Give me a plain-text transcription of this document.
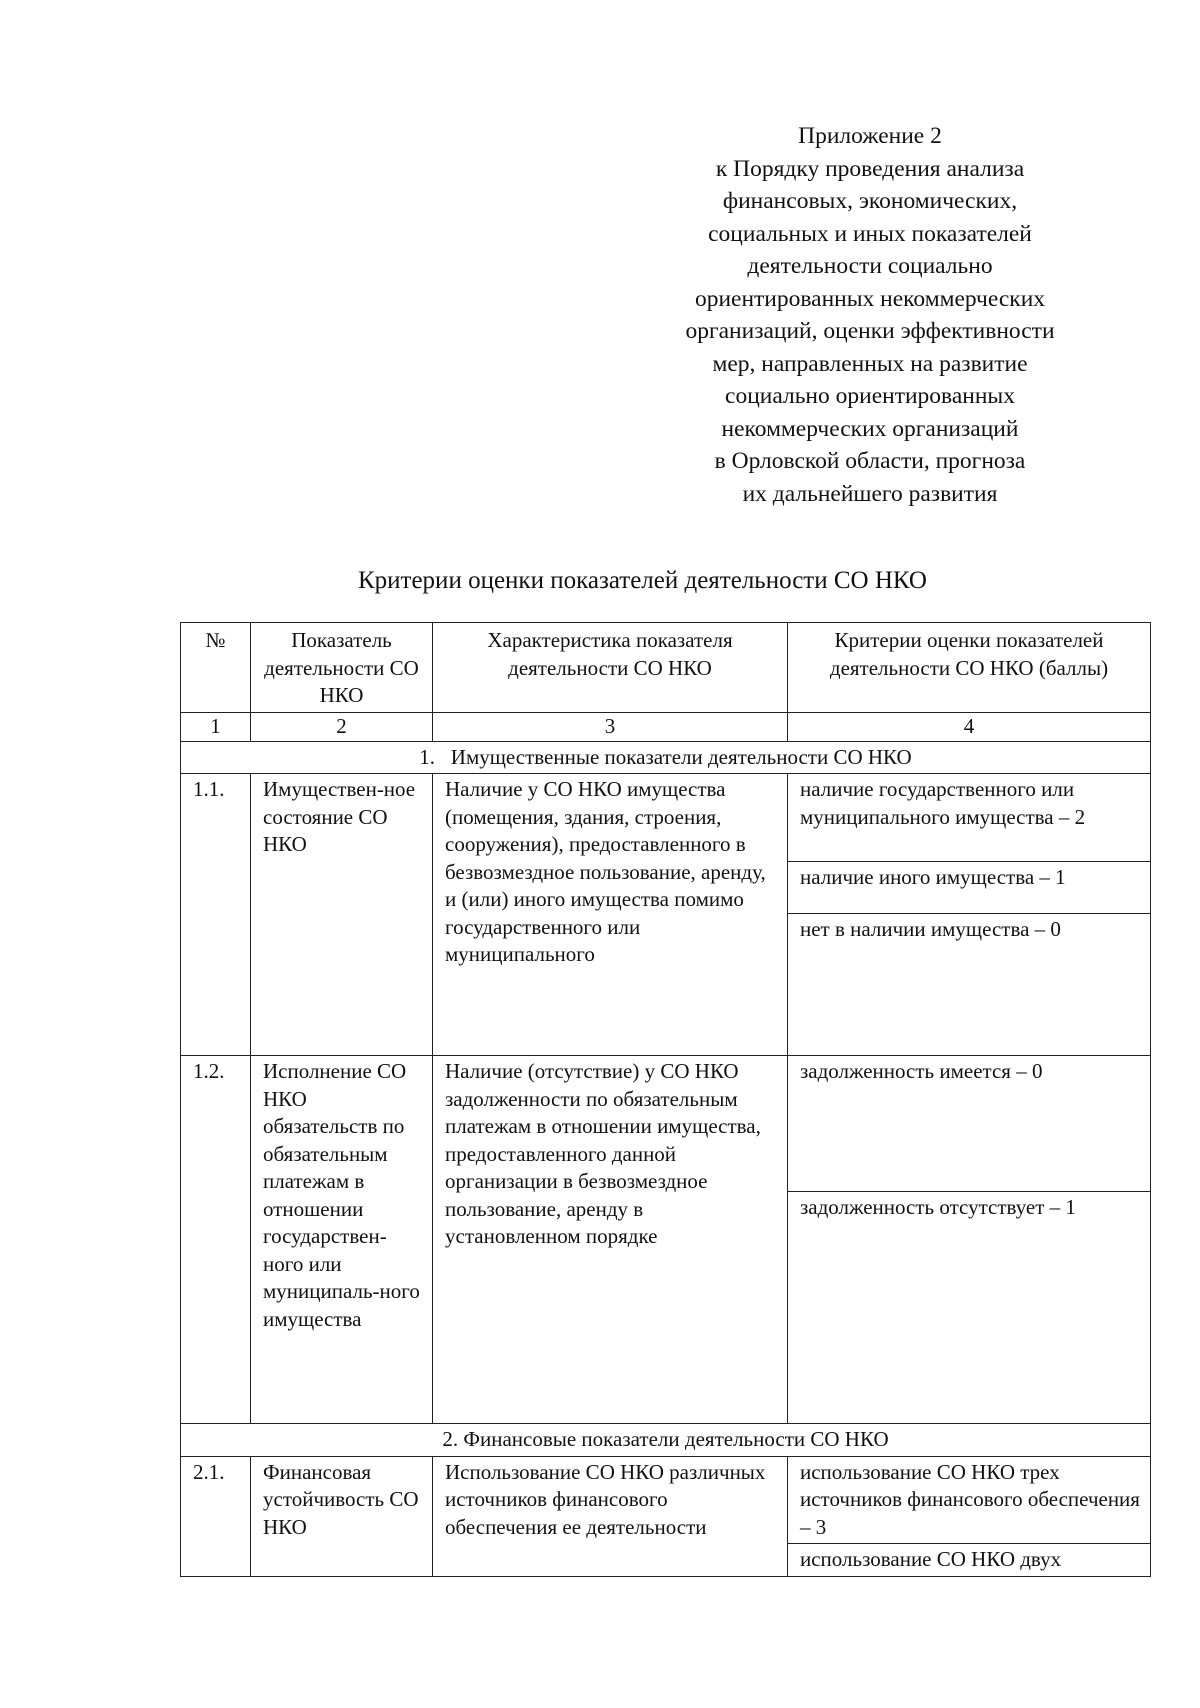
Приложение 2
к Порядку проведения анализа
финансовых, экономических,
социальных и иных показателей
деятельности социально
ориентированных некоммерческих
организаций, оценки эффективности
мер, направленных на развитие
социально ориентированных
некоммерческих организаций
в Орловской области, прогноза
их дальнейшего развития
Критерии оценки показателей деятельности СО НКО
№	Показатель деятельности СО НКО	Характеристика показателя деятельности СО НКО	Критерии оценки показателей деятельности СО НКО (баллы)
1	2	3	4
1.   Имущественные показатели деятельности СО НКО			
1.1.	Имуществен-ное состояние СО НКО	Наличие у СО НКО имущества (помещения, здания, строения, сооружения), предоставленного в безвозмездное пользование, аренду, и (или) иного имущества помимо государственного или муниципального	наличие государственного или муниципального имущества – 2
наличие иного имущества – 1
нет в наличии имущества – 0

1.2.	Исполнение СО НКО обязательств по обязательным платежам в отношении государствен-ного или муниципаль-ного имущества	Наличие (отсутствие) у СО НКО задолженности по обязательным платежам в отношении имущества, предоставленного данной организации в безвозмездное пользование, аренду в установленном порядке	задолженность имеется – 0
задолженность отсутствует – 1

2. Финансовые показатели деятельности СО НКО			
2.1.	Финансовая устойчивость СО НКО	Использование СО НКО различных источников финансового обеспечения ее деятельности	использование СО НКО трех источников финансового обеспечения – 3
использование СО НКО двух
